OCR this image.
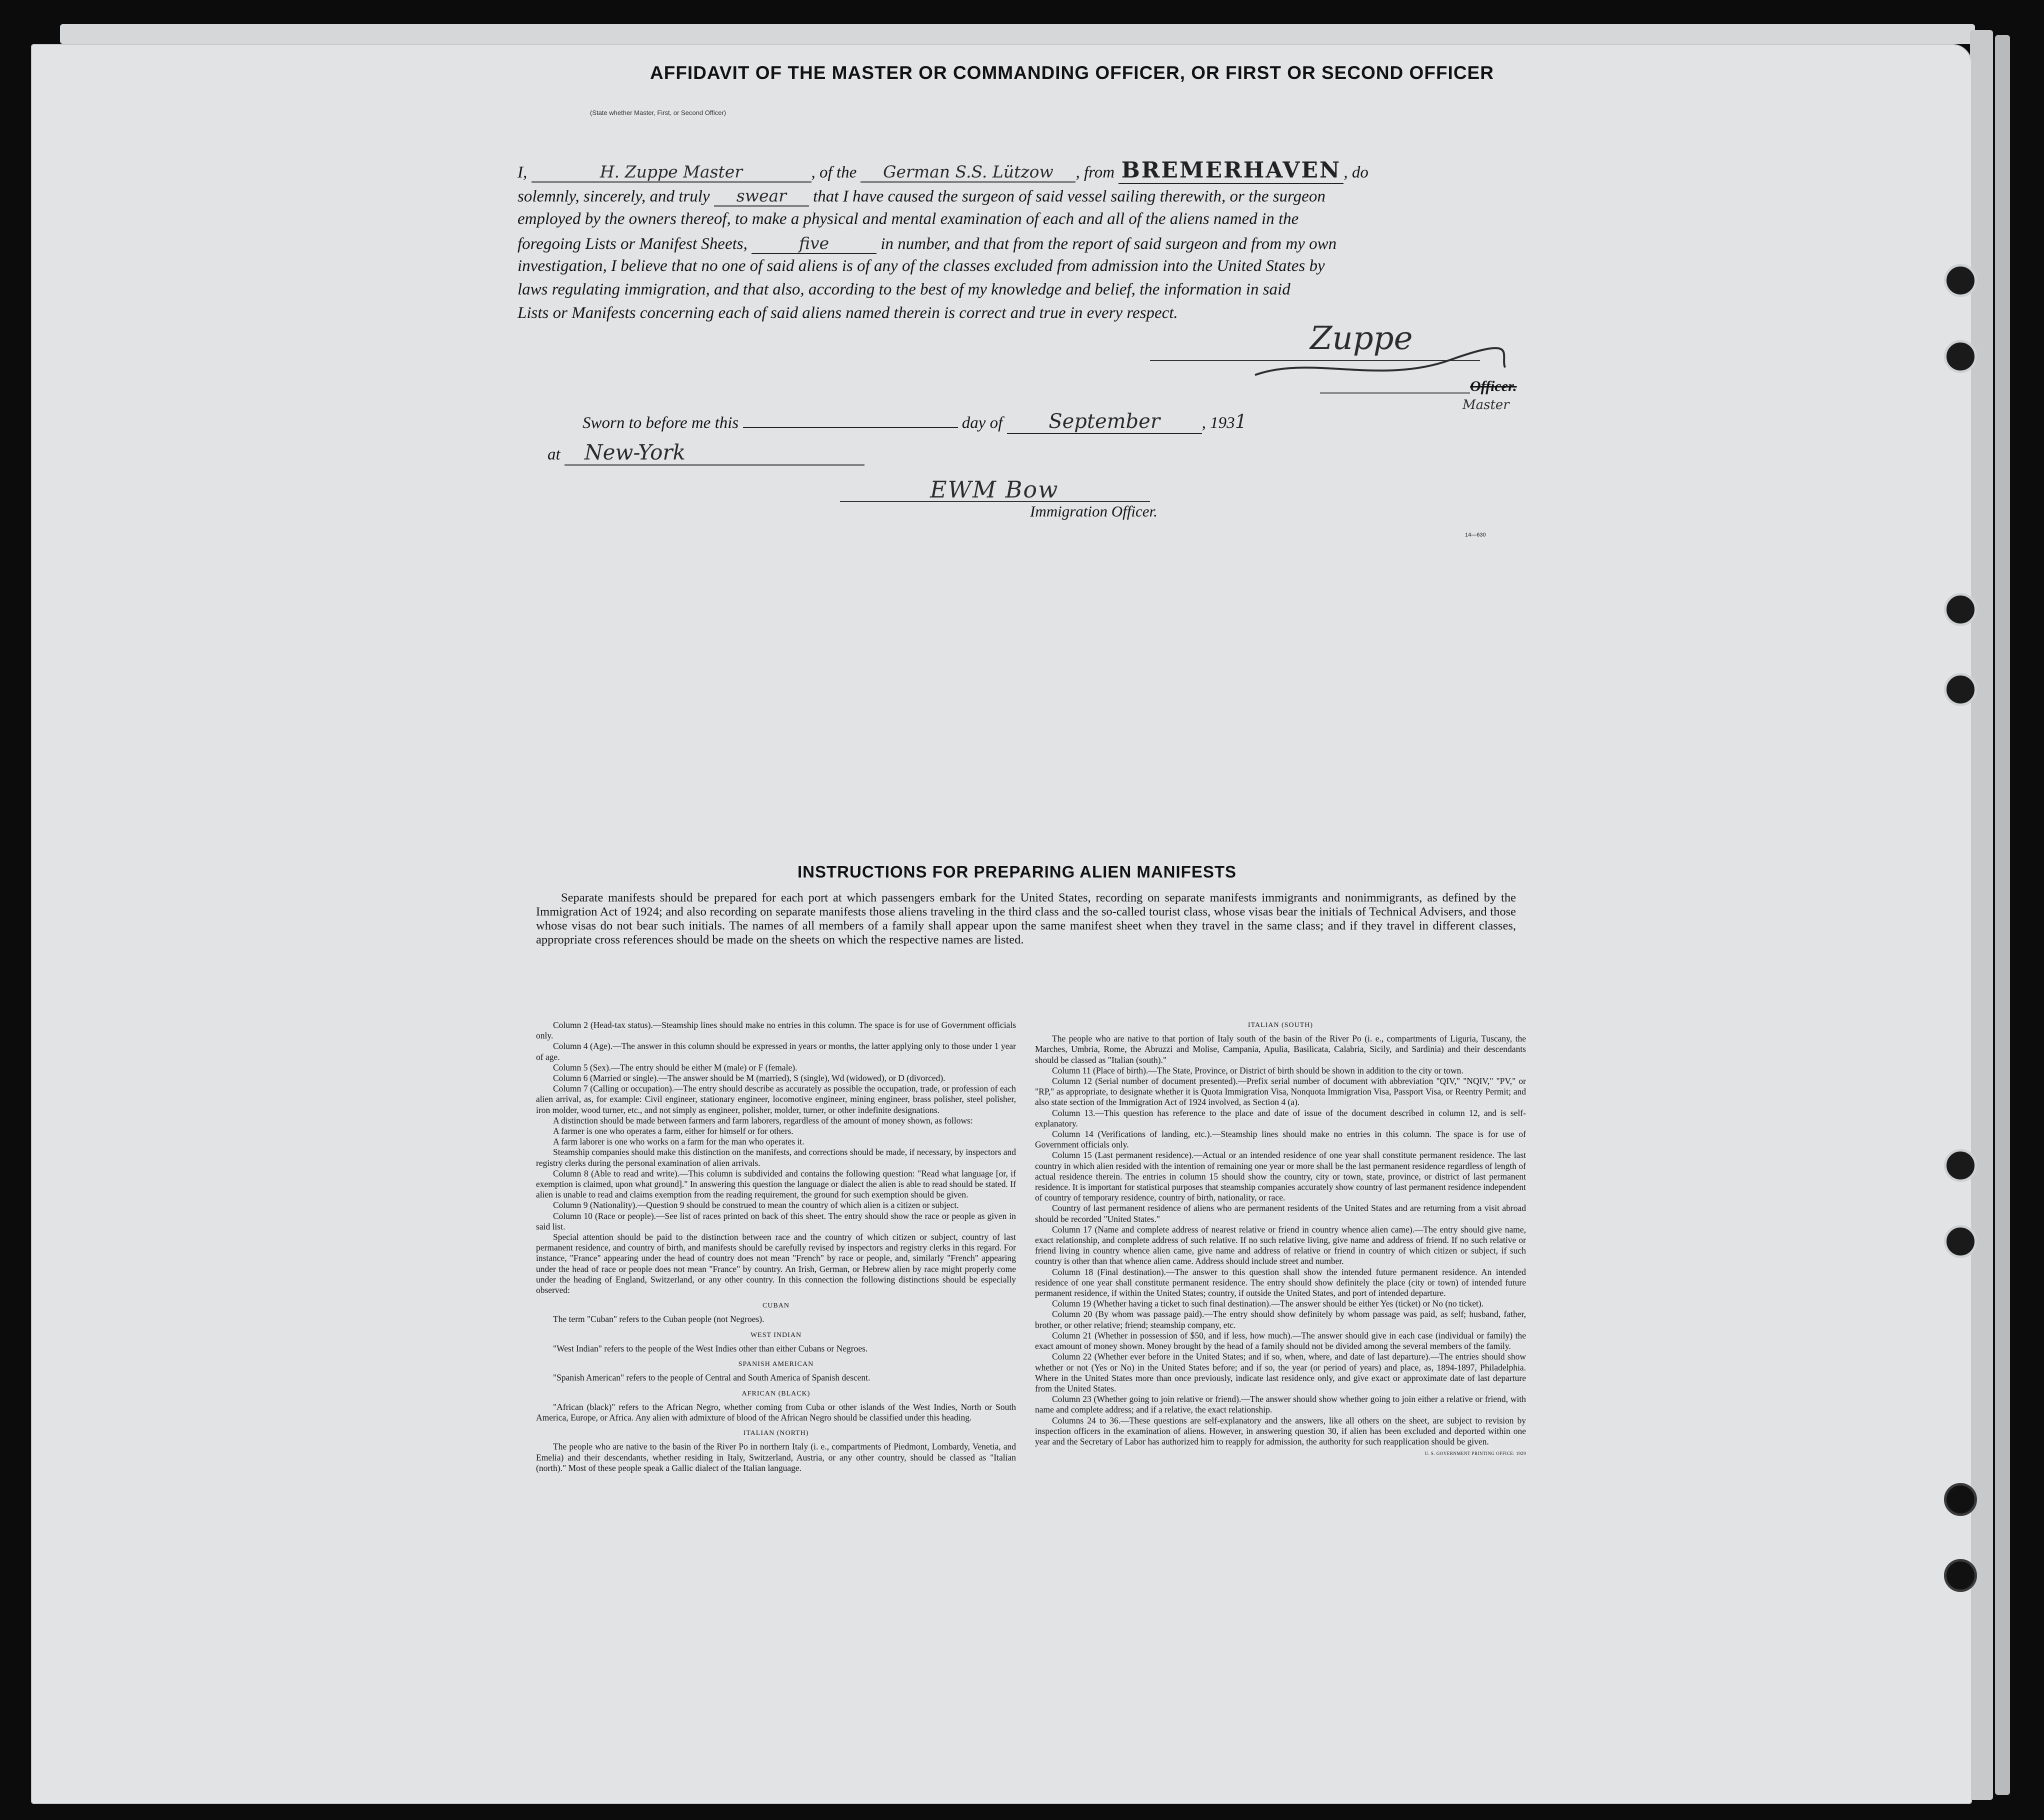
AFFIDAVIT OF THE MASTER OR COMMANDING OFFICER, OR FIRST OR SECOND OFFICER
I,	H. Zuppe Master	, of the German S.S. Lützow , from BREMERHAVEN , do
(State whether Master, First, or Second Officer)
solemnly, sincerely, and truly swear that I have caused the surgeon of said vessel sailing therewith, or the surgeon
employed by the owners thereof, to make a physical and mental examination of each and all of the aliens named in the
foregoing Lists or Manifest Sheets,	five	in number, and that from the report of said surgeon and from my own
investigation, I believe that no one of said aliens is of any of the classes excluded from admission into the United States by
laws regulating immigration, and that also, according to the best of my knowledge and belief, the information in said
Lists or Manifests concerning each of said aliens named therein is correct and true in every respect.
Zuppe
Officer.
Master
Sworn to before me this	day of September	, 1931
at New-York
EWM Bow
Immigration Officer.
14—630
INSTRUCTIONS FOR PREPARING ALIEN MANIFESTS
Separate manifests should be prepared for each port at which passengers embark for the United States, recording on separate manifests immigrants and nonimmigrants, as defined by the Immigration Act of 1924; and also recording on separate manifests those aliens traveling in the third class and the so-called tourist class, whose visas bear the initials of Technical Advisers, and those whose visas do not bear such initials. The names of all members of a family shall appear upon the same manifest sheet when they travel in the same class; and if they travel in different classes, appropriate cross references should be made on the sheets on which the respective names are listed.

Column 2 (Head-tax status).—Steamship lines should make no entries in this column. The space is for use of Government officials only.

Column 4 (Age).—The answer in this column should be expressed in years or months, the latter applying only to those under 1 year of age.

Column 5 (Sex).—The entry should be either M (male) or F (female).

Column 6 (Married or single).—The answer should be M (married), S (single), Wd (widowed), or D (divorced).

Column 7 (Calling or occupation).—The entry should describe as accurately as possible the occupation, trade, or profession of each alien arrival, as, for example: Civil engineer, stationary engineer, locomotive engineer, mining engineer, brass polisher, steel polisher, iron molder, wood turner, etc., and not simply as engineer, polisher, molder, turner, or other indefinite designations.

A distinction should be made between farmers and farm laborers, regardless of the amount of money shown, as follows:

A farmer is one who operates a farm, either for himself or for others.

A farm laborer is one who works on a farm for the man who operates it.

Steamship companies should make this distinction on the manifests, and corrections should be made, if necessary, by inspectors and registry clerks during the personal examination of alien arrivals.

Column 8 (Able to read and write).—This column is subdivided and contains the following question: "Read what language [or, if exemption is claimed, upon what ground]." In answering this question the language or dialect the alien is able to read should be stated. If alien is unable to read and claims exemption from the reading requirement, the ground for such exemption should be given.

Column 9 (Nationality).—Question 9 should be construed to mean the country of which alien is a citizen or subject.

Column 10 (Race or people).—See list of races printed on back of this sheet. The entry should show the race or people as given in said list.

Special attention should be paid to the distinction between race and the country of which citizen or subject, country of last permanent residence, and country of birth, and manifests should be carefully revised by inspectors and registry clerks in this regard. For instance, "France" appearing under the head of country does not mean "French" by race or people, and, similarly "French" appearing under the head of race or people does not mean "France" by country. An Irish, German, or Hebrew alien by race might properly come under the heading of England, Switzerland, or any other country. In this connection the following distinctions should be especially observed:

CUBAN

The term "Cuban" refers to the Cuban people (not Negroes).

WEST INDIAN

"West Indian" refers to the people of the West Indies other than either Cubans or Negroes.

SPANISH AMERICAN

"Spanish American" refers to the people of Central and South America of Spanish descent.

AFRICAN (BLACK)

"African (black)" refers to the African Negro, whether coming from Cuba or other islands of the West Indies, North or South America, Europe, or Africa. Any alien with admixture of blood of the African Negro should be classified under this heading.

ITALIAN (NORTH)

The people who are native to the basin of the River Po in northern Italy (i. e., compartments of Piedmont, Lombardy, Venetia, and Emelia) and their descendants, whether residing in Italy, Switzerland, Austria, or any other country, should be classed as "Italian (north)." Most of these people speak a Gallic dialect of the Italian language.

ITALIAN (SOUTH)

The people who are native to that portion of Italy south of the basin of the River Po (i. e., compartments of Liguria, Tuscany, the Marches, Umbria, Rome, the Abruzzi and Molise, Campania, Apulia, Basilicata, Calabria, Sicily, and Sardinia) and their descendants should be classed as "Italian (south)."

Column 11 (Place of birth).—The State, Province, or District of birth should be shown in addition to the city or town.

Column 12 (Serial number of document presented).—Prefix serial number of document with abbreviation "QIV," "NQIV," "PV," or "RP," as appropriate, to designate whether it is Quota Immigration Visa, Nonquota Immigration Visa, Passport Visa, or Reentry Permit; and also state section of the Immigration Act of 1924 involved, as Section 4 (a).

Column 13.—This question has reference to the place and date of issue of the document described in column 12, and is self-explanatory.

Column 14 (Verifications of landing, etc.).—Steamship lines should make no entries in this column. The space is for use of Government officials only.

Column 15 (Last permanent residence).—Actual or an intended residence of one year shall constitute permanent residence. The last country in which alien resided with the intention of remaining one year or more shall be the last permanent residence regardless of length of actual residence therein. The entries in column 15 should show the country, city or town, state, province, or district of last permanent residence. It is important for statistical purposes that steamship companies accurately show country of last permanent residence independent of country of temporary residence, country of birth, nationality, or race.

Country of last permanent residence of aliens who are permanent residents of the United States and are returning from a visit abroad should be recorded "United States."

Column 17 (Name and complete address of nearest relative or friend in country whence alien came).—The entry should give name, exact relationship, and complete address of such relative. If no such relative living, give name and address of friend. If no such relative or friend living in country whence alien came, give name and address of relative or friend in country of which citizen or subject, if such country is other than that whence alien came. Address should include street and number.

Column 18 (Final destination).—The answer to this question shall show the intended future permanent residence. An intended residence of one year shall constitute permanent residence. The entry should show definitely the place (city or town) of intended future permanent residence, if within the United States; country, if outside the United States, and port of intended departure.

Column 19 (Whether having a ticket to such final destination).—The answer should be either Yes (ticket) or No (no ticket).

Column 20 (By whom was passage paid).—The entry should show definitely by whom passage was paid, as self; husband, father, brother, or other relative; friend; steamship company, etc.

Column 21 (Whether in possession of $50, and if less, how much).—The answer should give in each case (individual or family) the exact amount of money shown. Money brought by the head of a family should not be divided among the several members of the family.

Column 22 (Whether ever before in the United States; and if so, when, where, and date of last departure).—The entries should show whether or not (Yes or No) in the United States before; and if so, the year (or period of years) and place, as, 1894-1897, Philadelphia. Where in the United States more than once previously, indicate last residence only, and give exact or approximate date of last departure from the United States.

Column 23 (Whether going to join relative or friend).—The answer should show whether going to join either a relative or friend, with name and complete address; and if a relative, the exact relationship.

Columns 24 to 36.—These questions are self-explanatory and the answers, like all others on the sheet, are subject to revision by inspection officers in the examination of aliens. However, in answering question 30, if alien has been excluded and deported within one year and the Secretary of Labor has authorized him to reapply for admission, the authority for such reapplication should be given.

U. S. GOVERNMENT PRINTING OFFICE: 1929
